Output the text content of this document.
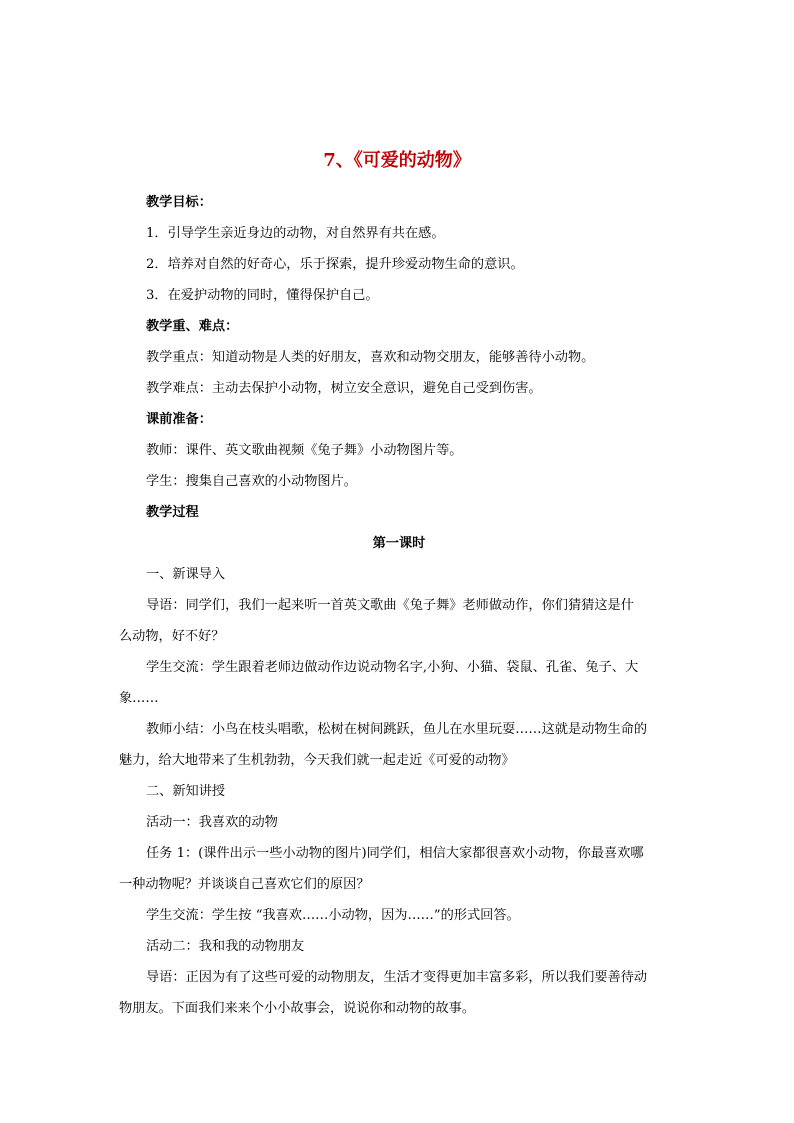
7、《可爱的动物》

教学目标：

1．引导学生亲近身边的动物，对自然界有共在感。

2．培养对自然的好奇心，乐于探索，提升珍爱动物生命的意识。

3．在爱护动物的同时，懂得保护自己。

教学重、难点：

教学重点：知道动物是人类的好朋友，喜欢和动物交朋友，能够善待小动物。

教学难点：主动去保护小动物，树立安全意识，避免自己受到伤害。

课前准备：

教师：课件、英文歌曲视频《兔子舞》小动物图片等。

学生：搜集自己喜欢的小动物图片。

教学过程

第一课时

一、新课导入

导语：同学们，我们一起来听一首英文歌曲《兔子舞》老师做动作，你们猜猜这是什

么动物，好不好？

学生交流：学生跟着老师边做动作边说动物名字,小狗、小猫、袋鼠、孔雀、兔子、大

象……

教师小结：小鸟在枝头唱歌，松树在树间跳跃，鱼儿在水里玩耍……这就是动物生命的

魅力，给大地带来了生机勃勃，今天我们就一起走近《可爱的动物》

二、新知讲授

活动一：我喜欢的动物

任务 1：(课件出示一些小动物的图片)同学们，相信大家都很喜欢小动物，你最喜欢哪

一种动物呢？并谈谈自己喜欢它们的原因？

学生交流：学生按 “我喜欢……小动物，因为……”的形式回答。

活动二：我和我的动物朋友

导语：正因为有了这些可爱的动物朋友，生活才变得更加丰富多彩，所以我们要善待动

物朋友。下面我们来来个小小故事会，说说你和动物的故事。
